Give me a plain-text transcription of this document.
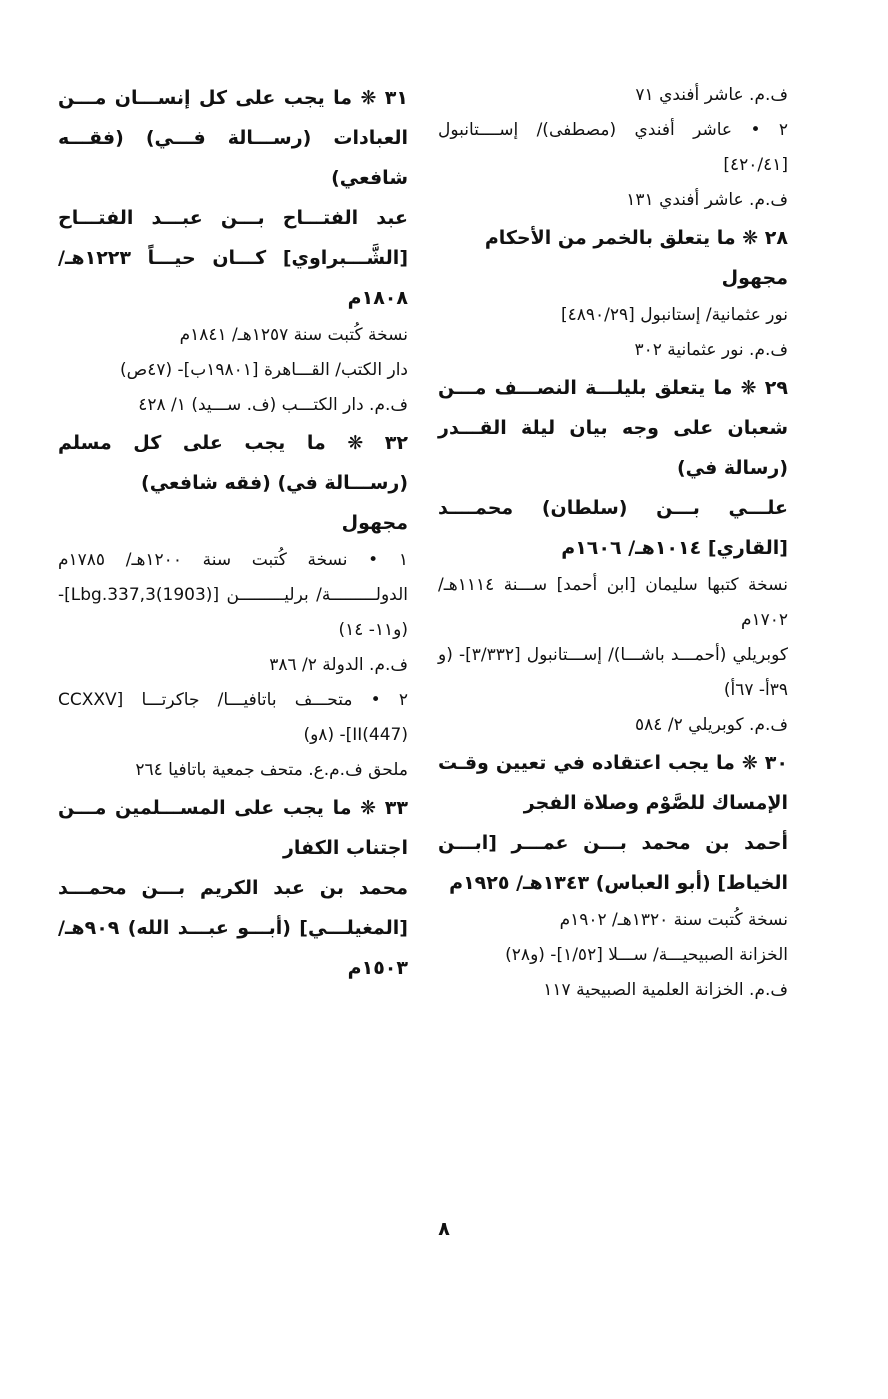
ف.م. عاشر أفندي ٧١

٢ • عاشر أفندي (مصطفى)/ إســــتانبول [٤٢٠/٤١]

ف.م. عاشر أفندي ١٣١

٢٨ ❋ ما يتعلق بالخمر من الأحكام

مجهول

نور عثمانية/ إستانبول [٤٨٩٠/٢٩]

ف.م. نور عثمانية ٣٠٢

٢٩ ❋ ما يتعلق بليلـــة النصـــف مـــن شعبان على وجه بيان ليلة القـــدر (رسالة في)

علـــي بـــن (سلطان) محمــــد [القاري] ١٠١٤هـ/ ١٦٠٦م

نسخة كتبها سليمان [ابن أحمد] ســـنة ١١١٤هـ/ ١٧٠٢م

كوبريلي (أحمـــد باشـــا)/ إســـتانبول [٣/٣٣٢]- (و ٣٩أ- ٦٧أ)

ف.م. كوبريلي ٢/ ٥٨٤

٣٠ ❋ ما يجب اعتقاده في تعيين وقـت الإمساك للصَّوْم وصلاة الفجر

أحمد بن محمد بـــن عمـــر [ابـــن الخياط] (أبو العباس) ١٣٤٣هـ/ ١٩٢٥م

نسخة كُتبت سنة ١٣٢٠هـ/ ١٩٠٢م

الخزانة الصبيحيـــة/ ســـلا [١/٥٢]- (و٢٨)

ف.م. الخزانة العلمية الصبيحية ١١٧

٣١ ❋ ما يجب على كل إنســـان مـــن العبادات (رســـالة فـــي) (فقـــه شافعي)

عبد الفتـــاح بـــن عبـــد الفتـــاح [الشَّـــبراوي] كـــان حيـــاً ١٢٢٣هـ/ ١٨٠٨م

نسخة كُتبت سنة ١٢٥٧هـ/ ١٨٤١م

دار الكتب/ القـــاهرة [١٩٨٠١ب]- (٤٧ص)

ف.م. دار الكتـــب (ف. ســـيد) ١/ ٤٢٨

٣٢ ❋ ما يجب على كل مسلم (رســـالة في) (فقه شافعي)

مجهول

١ • نسخة كُتبت سنة ١٢٠٠هـ/ ١٧٨٥م الدولـــــــــة/ برليـــــــــن [Lbg.337,3(1903)]- (و١١- ١٤)

ف.م. الدولة ٢/ ٣٨٦

٢ • متحـــف باتافيـــا/ جاكرتـــا [CCXXV II(447)]- (٨و)

ملحق ف.م.ع. متحف جمعية باتافيا ٢٦٤

٣٣ ❋ ما يجب على المســـلمين مـــن اجتناب الكفار

محمد بن عبد الكريم بـــن محمـــد [المغيلـــي] (أبـــو عبـــد الله) ٩٠٩هـ/ ١٥٠٣م

٨
